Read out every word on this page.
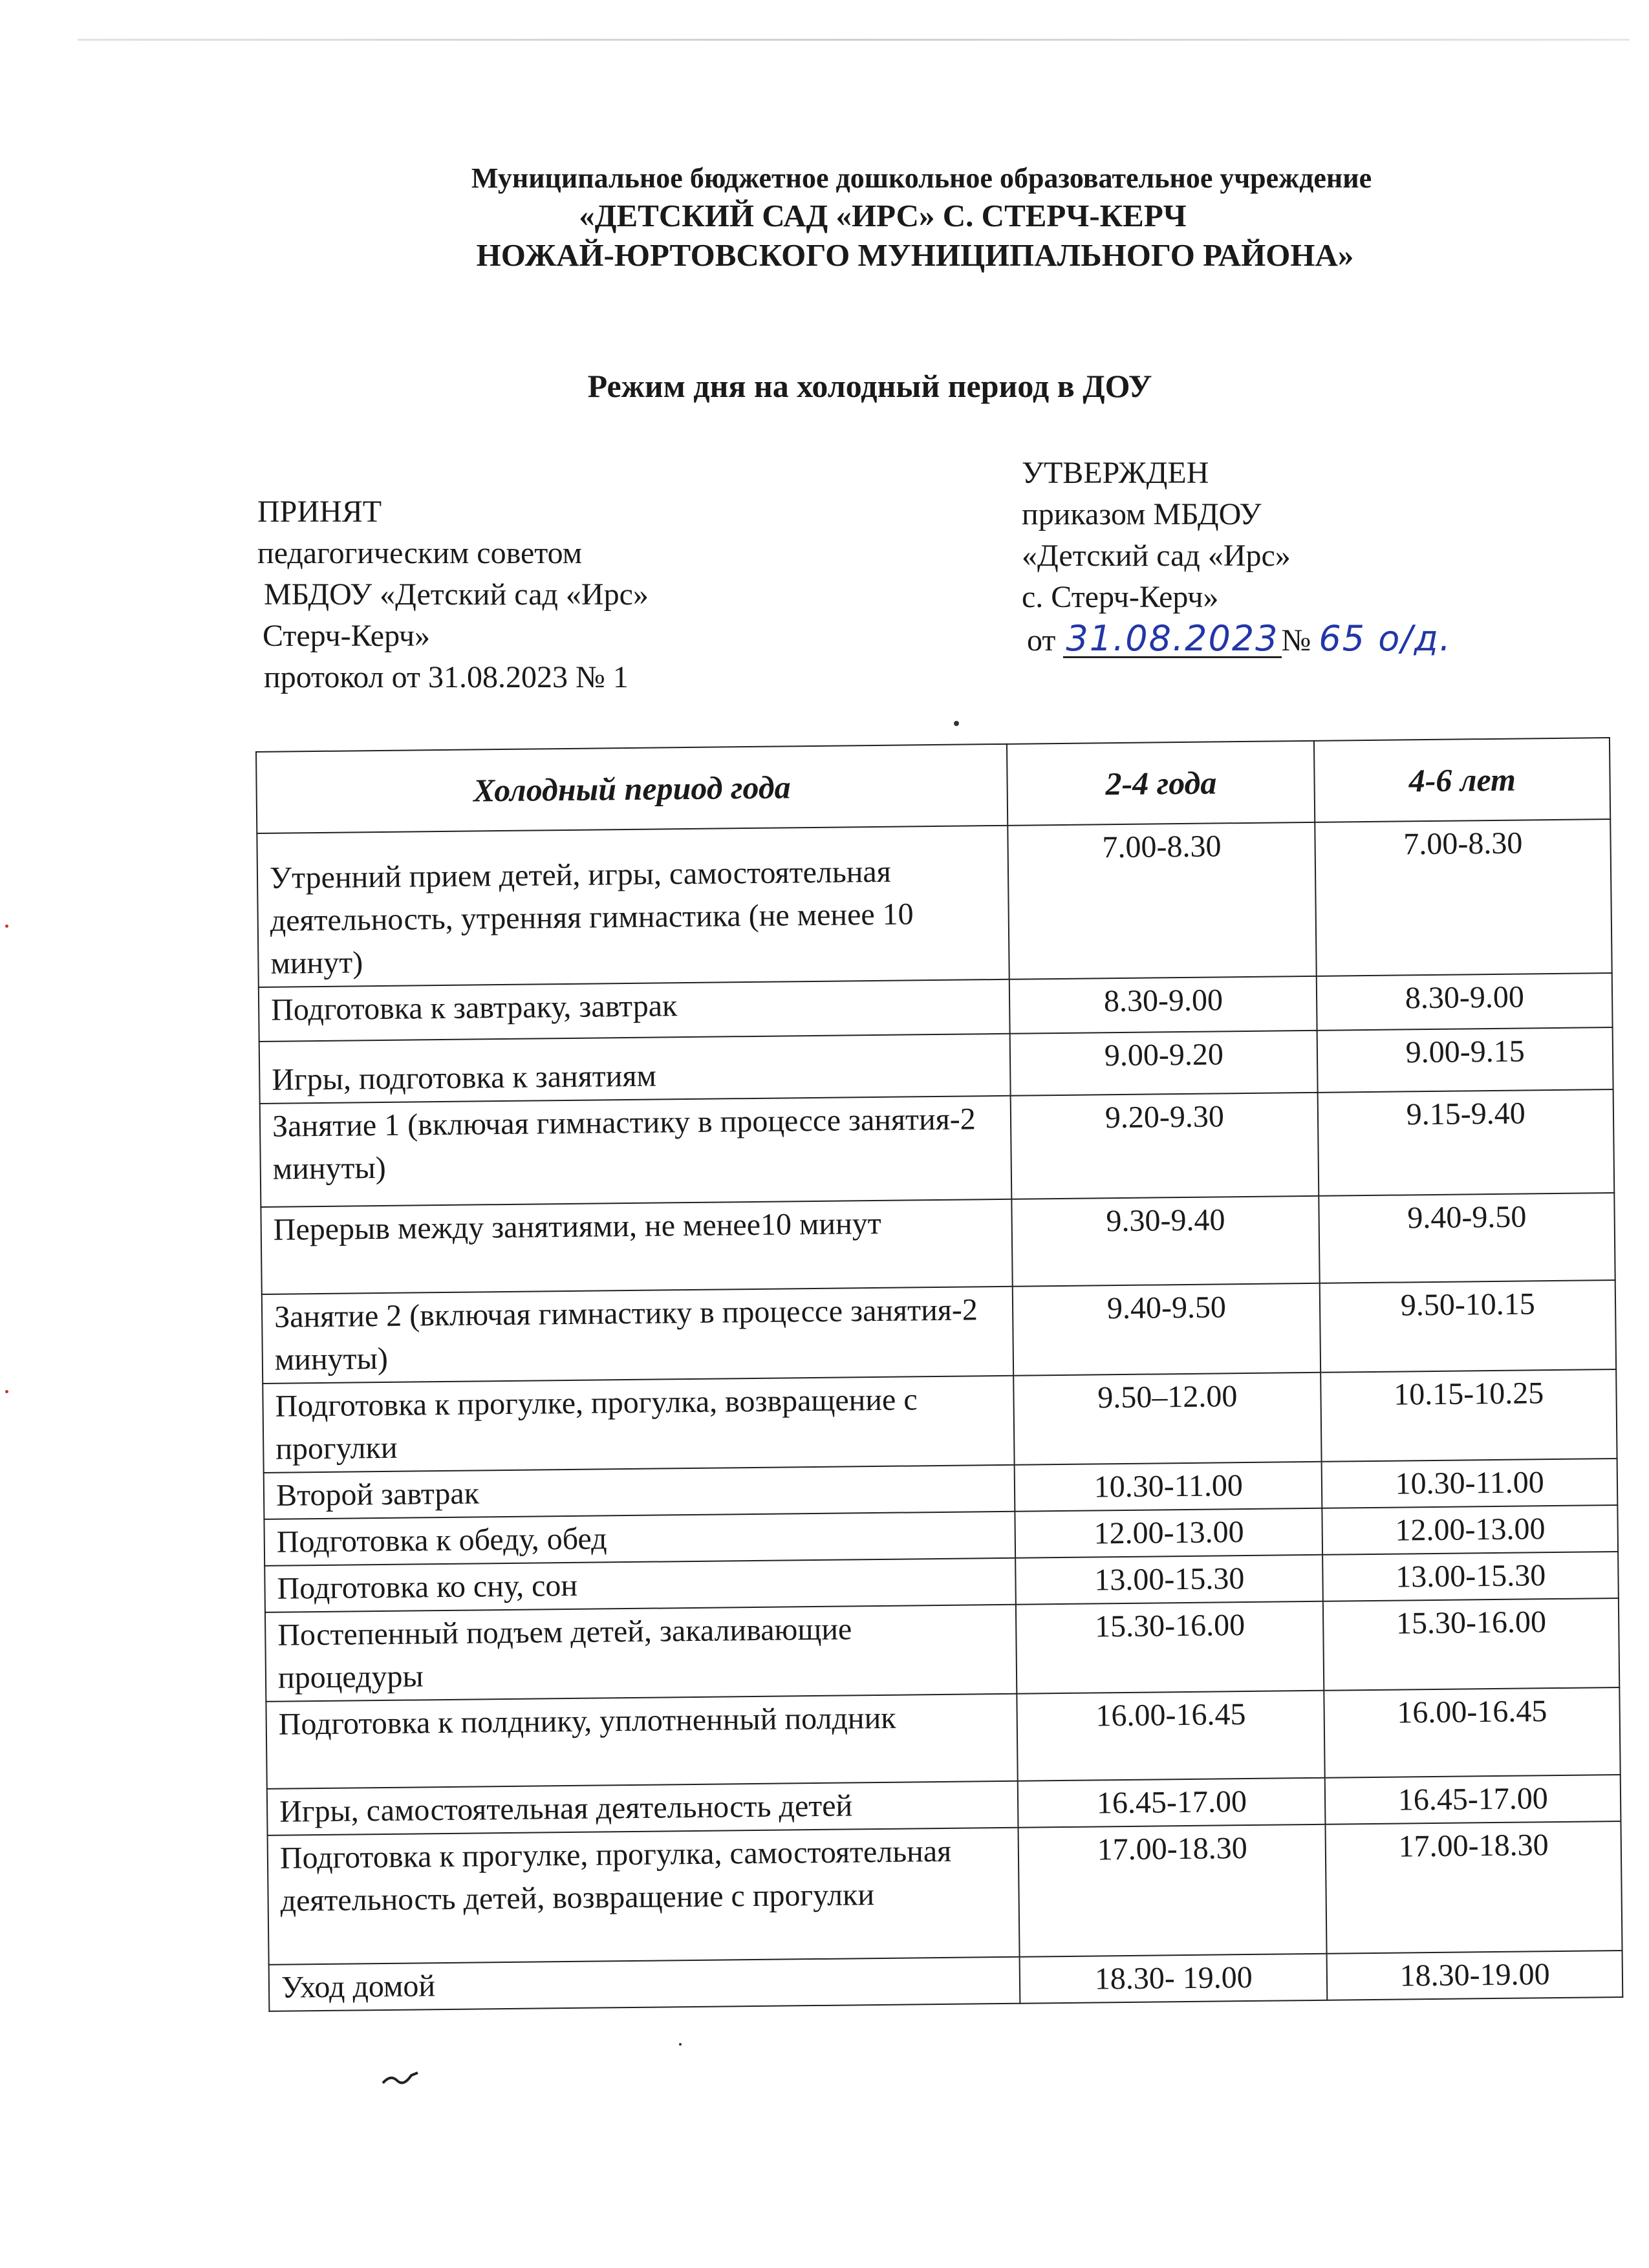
Муниципальное бюджетное дошкольное образовательное учреждение
«ДЕТСКИЙ САД «ИРС» С. СТЕРЧ-КЕРЧ
НОЖАЙ-ЮРТОВСКОГО МУНИЦИПАЛЬНОГО РАЙОНА»
Режим дня на холодный период в ДОУ
ПРИНЯТ
педагогическим советом
МБДОУ «Детский сад «Ирс»
Стерч-Керч»
протокол от 31.08.2023 № 1
УТВЕРЖДЕН
приказом МБДОУ
«Детский сад «Ирс»
с. Стерч-Керч»
от 31.08.2023№ 65 о/д.
Холодный период года	2-4 года	4-6 лет
Утренний прием детей, игры, самостоятельная деятельность, утренняя гимнастика (не менее 10 минут)	7.00-8.30	7.00-8.30
Подготовка к завтраку, завтрак	8.30-9.00	8.30-9.00
Игры, подготовка к занятиям	9.00-9.20	9.00-9.15
Занятие 1 (включая гимнастику в процессе занятия-2 минуты)	9.20-9.30	9.15-9.40
Перерыв между занятиями, не менее10 минут	9.30-9.40	9.40-9.50
Занятие 2 (включая гимнастику в процессе занятия-2 минуты)	9.40-9.50	9.50-10.15
Подготовка к прогулке, прогулка, возвращение с прогулки	9.50–12.00	10.15-10.25
Второй завтрак	10.30-11.00	10.30-11.00
Подготовка к обеду, обед	12.00-13.00	12.00-13.00
Подготовка ко сну, сон	13.00-15.30	13.00-15.30
Постепенный подъем детей, закаливающие процедуры	15.30-16.00	15.30-16.00
Подготовка к полднику, уплотненный полдник	16.00-16.45	16.00-16.45
Игры, самостоятельная деятельность детей	16.45-17.00	16.45-17.00
Подготовка к прогулке, прогулка, самостоятельная деятельность детей, возвращение с прогулки	17.00-18.30	17.00-18.30
Уход домой	18.30- 19.00	18.30-19.00
